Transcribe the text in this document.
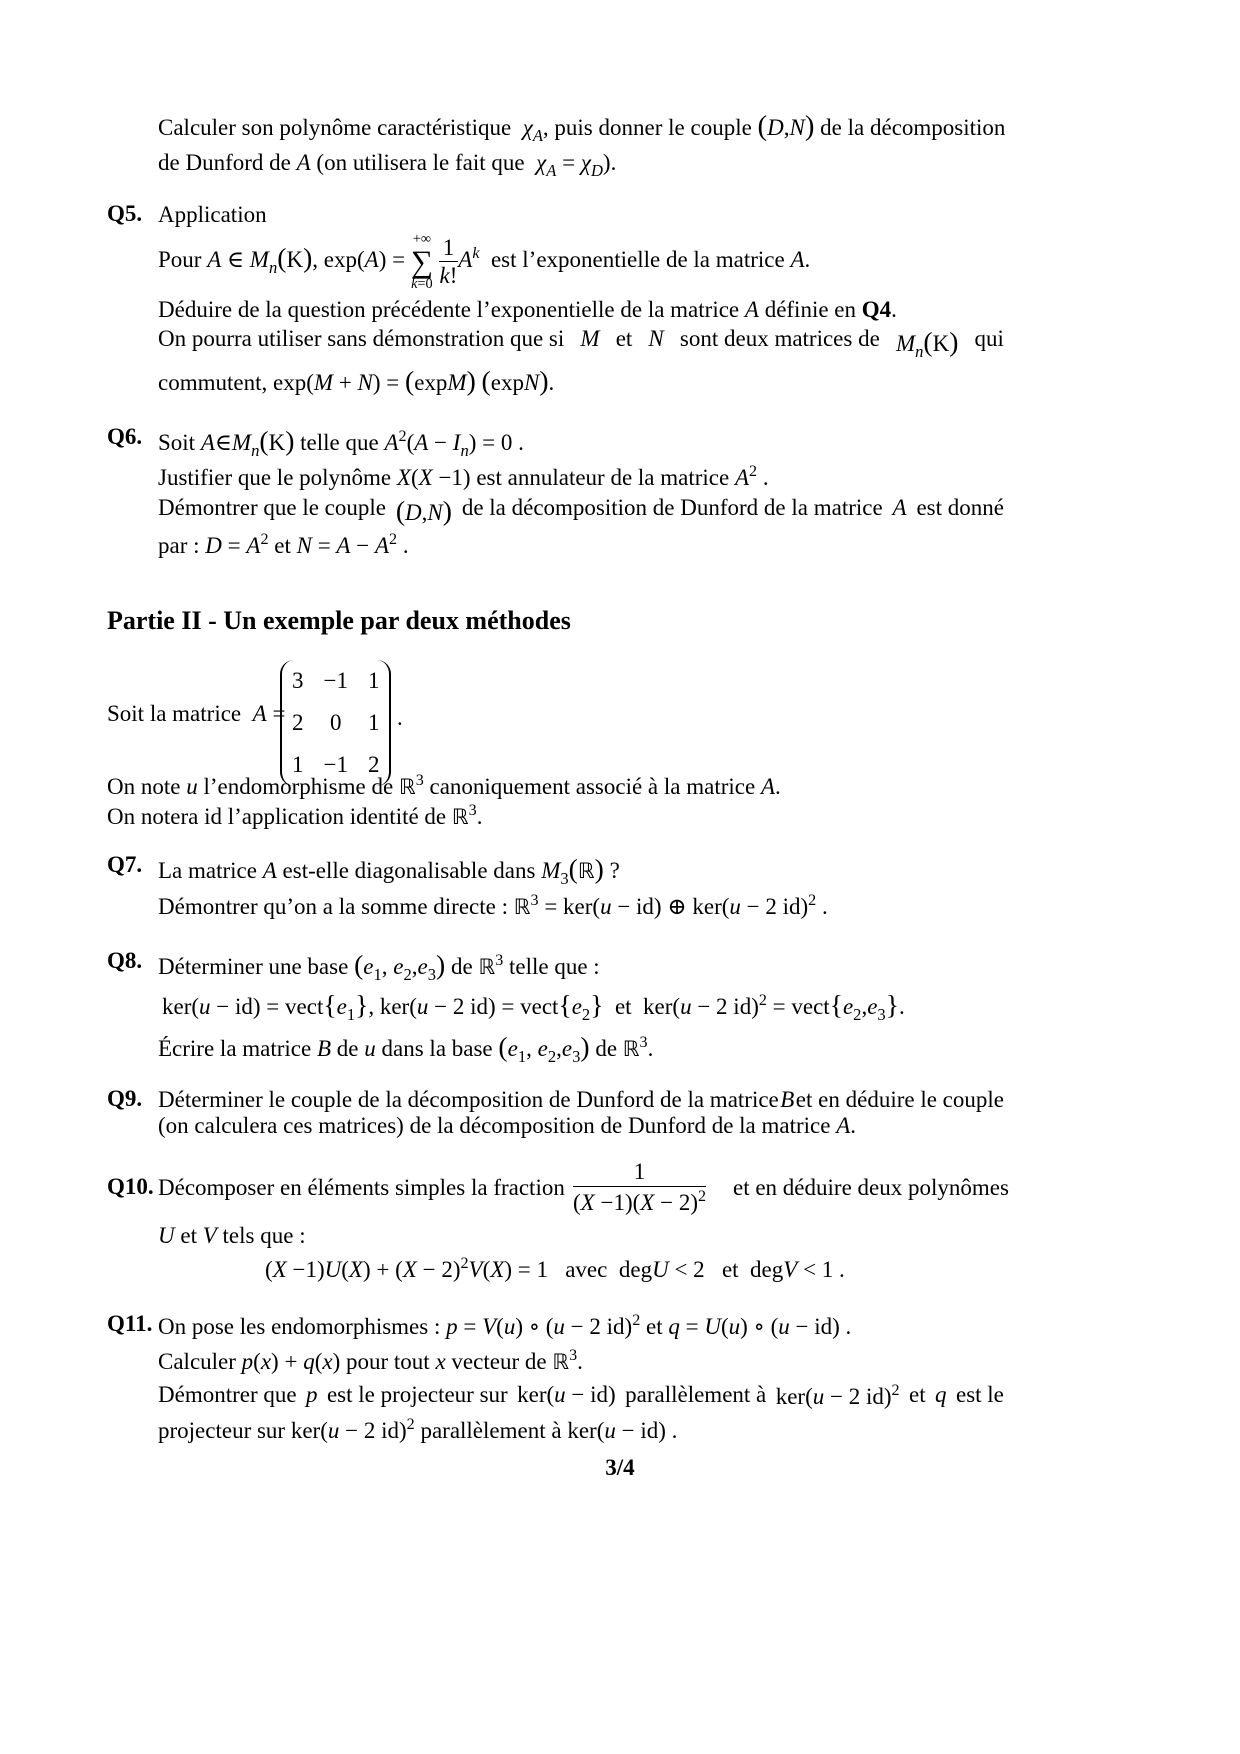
Calculer son polynôme caractéristique  $\chi_A$, puis donner le couple (D,N) de la décomposition
de Dunford de A (on utilisera le fait que  $\chi_A = \chi_D$).
Q5. Application
Pour A ∈ $M_n(K)$, exp(A) =
+∞
∑
k=0
$\frac{1}{k!} A^k$ est l’exponentielle de la matrice A.
Déduire de la question précédente l’exponentielle de la matrice A définie en Q4.
On pourra utiliser sans démonstration que si M et N sont deux matrices de $M_n(K)$ qui
commutent, exp(M + N) = (expM) (expN).
Q6. Soit $A\in M_n(K)$ telle que $A^2(A - I_n) = 0$ .
Justifier que le polynôme X(X −1) est annulateur de la matrice $A^2$ .
Démontrer que le couple (D,N) de la décomposition de Dunford de la matrice A est donné
par : $D = A^2$ et $N = A - A^2$ .
Partie II - Un exemple par deux méthodes
Soit la matrice A =
3	−1	1
2	0	1
1	−1	2
.
On note u l’endomorphisme de ℝ$^3$ canoniquement associé à la matrice A.
On notera id l’application identité de ℝ$^3$.
Q7. La matrice A est-elle diagonalisable dans $M_3(ℝ)$ ?
Démontrer qu’on a la somme directe : ℝ$^3$ = ker(u − id) ⊕ ker(u − 2 id)$^2$ .
Q8. Déterminer une base ($e_1$, $e_2,e_3$) de ℝ$^3$ telle que :
$ker(u - id) = vect\{e_1\}$, ker(u − 2 $id) = vect\{e_2\}$  et  ker(u − 2 $id)^2 = vect\{e_2,e_3\}$.
Écrire la matrice B de u dans la base ($e_1$, $e_2,e_3$) de ℝ$^3$.
Q9. Déterminer le couple de la décomposition de Dunford de la matrice B et en déduire le couple
(on calculera ces matrices) de la décomposition de Dunford de la matrice A.
Q10. Décomposer en éléments simples la fraction $\frac{1}{(X -1)(X - 2)^2}$ et en déduire deux polynômes
U et V tels que :
$(X -1)U(X) + (X - 2)^2V(X) = 1$   avec  degU < 2   et  degV < 1 .
Q11. On pose les endomorphismes : p = V(u) ∘ (u − 2 id)$^2$ et q = U(u) ∘ (u − id) .
Calculer p(x) + q(x) pour tout x vecteur de ℝ$^3$.
Démontrer que p est le projecteur sur ker(u − id) parallèlement à ker(u − 2 id)$^2$ et q est le
projecteur sur ker(u − 2 id)$^2$ parallèlement à ker(u − id) .
3/4
